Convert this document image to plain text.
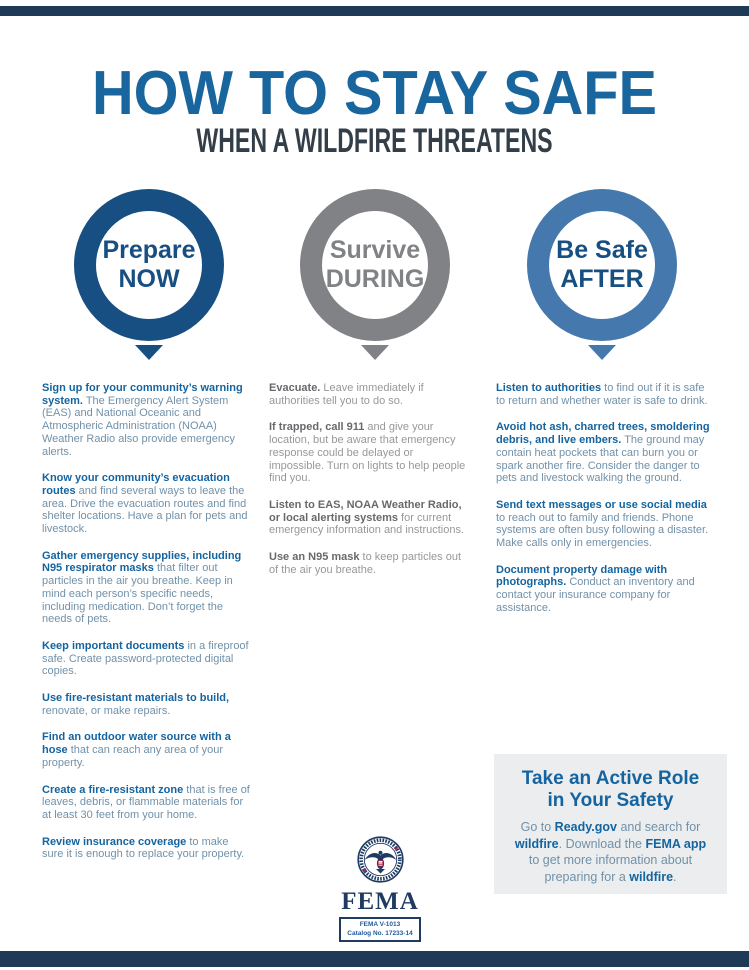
HOW TO STAY SAFE
WHEN A WILDFIRE THREATENS
Prepare
NOW
Survive
DURING
Be Safe
AFTER

Sign up for your community’s warning system. The Emergency Alert System (EAS) and National Oceanic and Atmospheric Administration (NOAA) Weather Radio also provide emergency alerts.

Know your community’s evacuation routes and find several ways to leave the area. Drive the evacuation routes and find shelter locations. Have a plan for pets and livestock.

Gather emergency supplies, including N95 respirator masks that filter out particles in the air you breathe. Keep in mind each person’s specific needs, including medication. Don’t forget the needs of pets.

Keep important documents in a fireproof safe. Create password-protected digital copies.

Use fire-resistant materials to build, renovate, or make repairs.

Find an outdoor water source with a hose that can reach any area of your property.

Create a fire-resistant zone that is free of leaves, debris, or flammable materials for at least 30 feet from your home.

Review insurance coverage to make sure it is enough to replace your property.

Evacuate. Leave immediately if authorities tell you to do so.

If trapped, call 911 and give your location, but be aware that emergency response could be delayed or impossible. Turn on lights to help people find you.

Listen to EAS, NOAA Weather Radio, or local alerting systems for current emergency information and instructions.

Use an N95 mask to keep particles out of the air you breathe.

Listen to authorities to find out if it is safe to return and whether water is safe to drink.

Avoid hot ash, charred trees, smoldering debris, and live embers. The ground may contain heat pockets that can burn you or spark another fire. Consider the danger to pets and livestock walking the ground.

Send text messages or use social media to reach out to family and friends. Phone systems are often busy following a disaster. Make calls only in emergencies.

Document property damage with photographs. Conduct an inventory and contact your insurance company for assistance.

Take an Active Role
in Your Safety
Go to Ready.gov and search for wildfire. Download the FEMA app to get more information about preparing for a wildfire.
FEMA
FEMA V-1013
Catalog No. 17233-14
